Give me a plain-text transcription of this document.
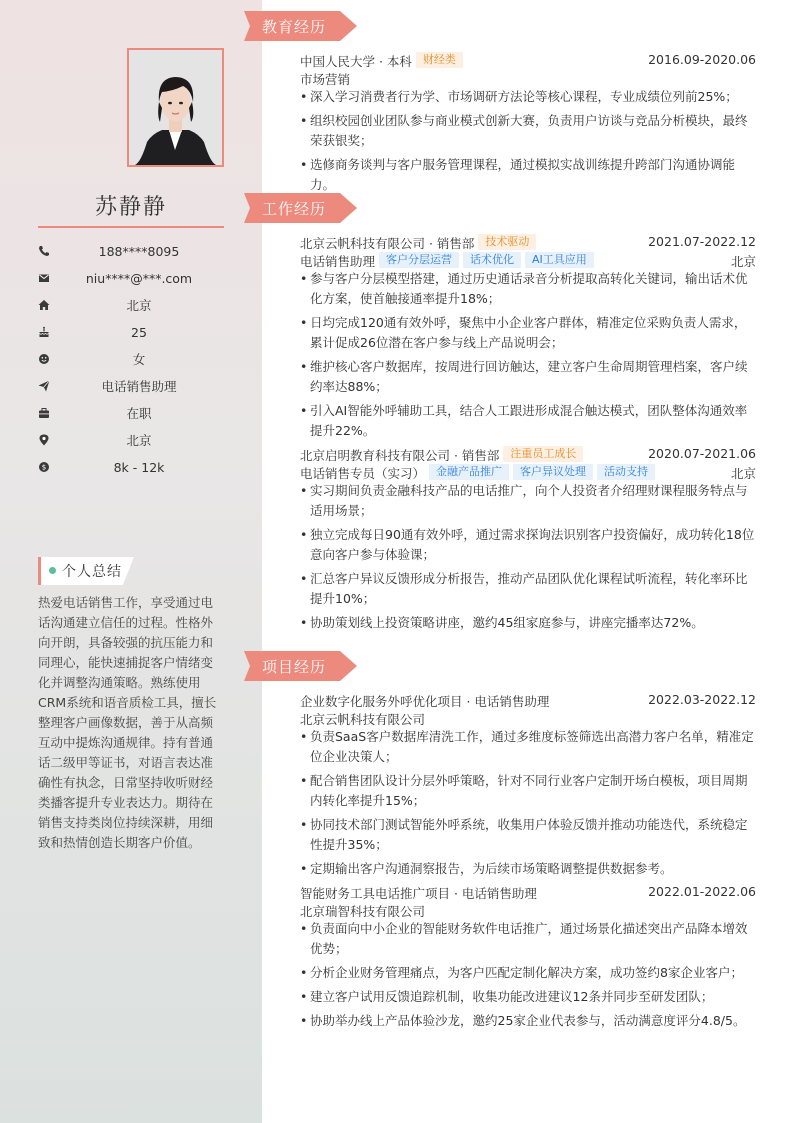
苏静静
188****8095
niu****@***.com
北京
25
女
电话销售助理
在职
北京
$	8k - 12k
个人总结
热爱电话销售工作，享受通过电话沟通建立信任的过程。性格外向开朗，具备较强的抗压能力和同理心，能快速捕捉客户情绪变化并调整沟通策略。熟练使用CRM系统和语音质检工具，擅长整理客户画像数据，善于从高频互动中提炼沟通规律。持有普通话二级甲等证书，对语言表达准确性有执念，日常坚持收听财经类播客提升专业表达力。期待在销售支持类岗位持续深耕，用细致和热情创造长期客户价值。
教育经历
工作经历
项目经历
中国人民大学 · 本科 财经类	2016.09-2020.06
市场营销
• 深入学习消费者行为学、市场调研方法论等核心课程，专业成绩位列前25%；
• 组织校园创业团队参与商业模式创新大赛，负责用户访谈与竞品分析模块，最终荣获银奖；
• 选修商务谈判与客户服务管理课程，通过模拟实战训练提升跨部门沟通协调能力。
北京云帆科技有限公司 · 销售部 技术驱动	2021.07-2022.12
电话销售助理 客户分层运营 话术优化 AI工具应用	北京
• 参与客户分层模型搭建，通过历史通话录音分析提取高转化关键词，输出话术优化方案，使首触接通率提升18%；
• 日均完成120通有效外呼，聚焦中小企业客户群体，精准定位采购负责人需求，累计促成26位潜在客户参与线上产品说明会；
• 维护核心客户数据库，按周进行回访触达，建立客户生命周期管理档案，客户续约率达88%；
• 引入AI智能外呼辅助工具，结合人工跟进形成混合触达模式，团队整体沟通效率提升22%。
北京启明教育科技有限公司 · 销售部 注重员工成长	2020.07-2021.06
电话销售专员（实习） 金融产品推广 客户异议处理 活动支持	北京
• 实习期间负责金融科技产品的电话推广，向个人投资者介绍理财课程服务特点与适用场景；
• 独立完成每日90通有效外呼，通过需求探询法识别客户投资偏好，成功转化18位意向客户参与体验课；
• 汇总客户异议反馈形成分析报告，推动产品团队优化课程试听流程，转化率环比提升10%；
• 协助策划线上投资策略讲座，邀约45组家庭参与，讲座完播率达72%。
企业数字化服务外呼优化项目 · 电话销售助理	2022.03-2022.12
北京云帆科技有限公司
• 负责SaaS客户数据库清洗工作，通过多维度标签筛选出高潜力客户名单，精准定位企业决策人；
• 配合销售团队设计分层外呼策略，针对不同行业客户定制开场白模板，项目周期内转化率提升15%；
• 协同技术部门测试智能外呼系统，收集用户体验反馈并推动功能迭代，系统稳定性提升35%；
• 定期输出客户沟通洞察报告，为后续市场策略调整提供数据参考。
智能财务工具电话推广项目 · 电话销售助理	2022.01-2022.06
北京瑞智科技有限公司
• 负责面向中小企业的智能财务软件电话推广，通过场景化描述突出产品降本增效优势；
• 分析企业财务管理痛点，为客户匹配定制化解决方案，成功签约8家企业客户；
• 建立客户试用反馈追踪机制，收集功能改进建议12条并同步至研发团队；
• 协助举办线上产品体验沙龙，邀约25家企业代表参与，活动满意度评分4.8/5。
